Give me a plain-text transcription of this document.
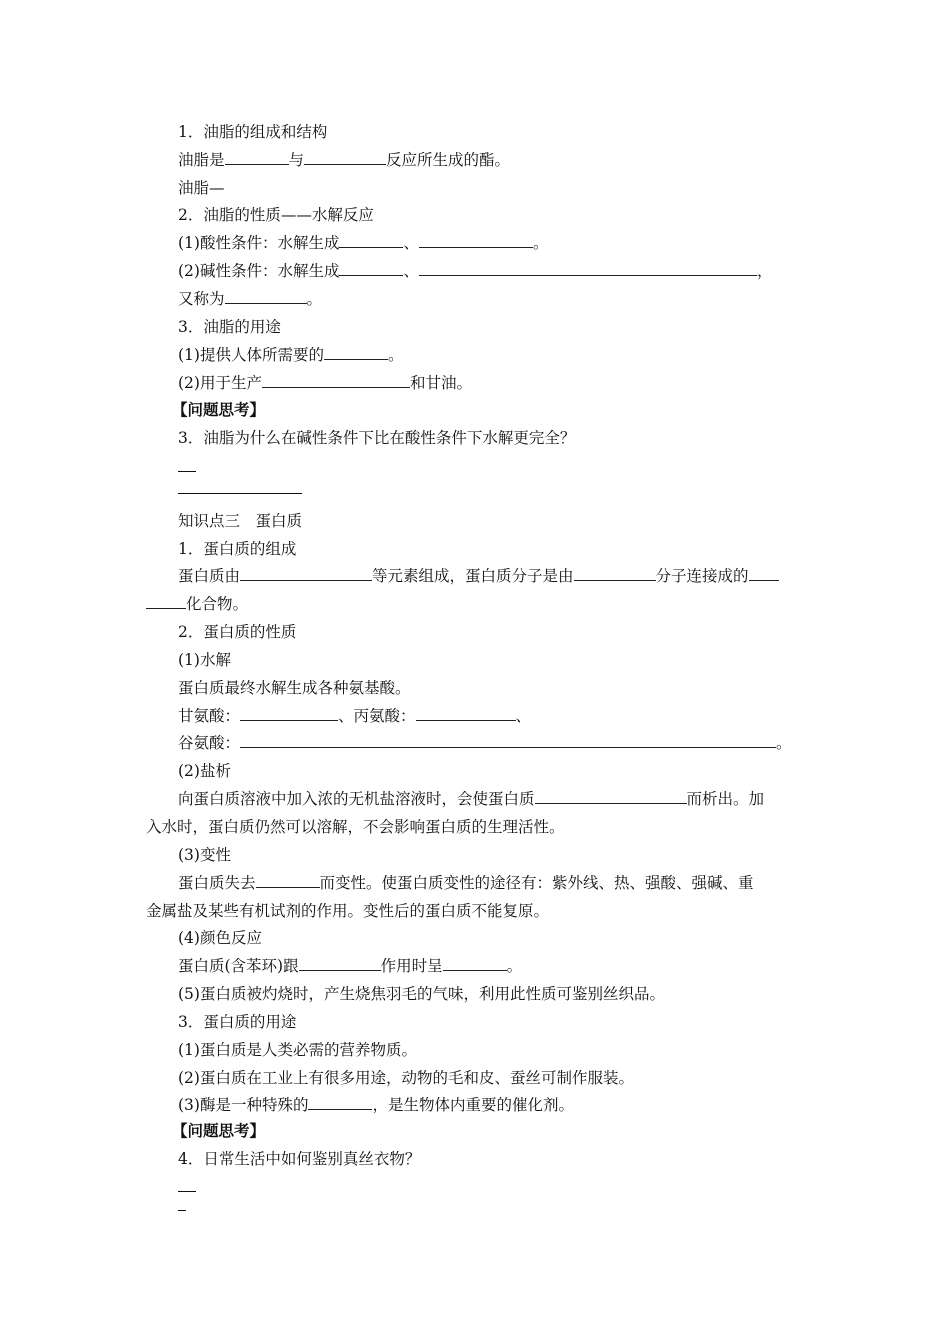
1．油脂的组成和结构
油脂是	与	反应所生成的酯。
油脂—
2．油脂的性质——水解反应
(1)酸性条件：水解生成	、	。
(2)碱性条件：水解生成	、	，
又称为	。
3．油脂的用途
(1)提供人体所需要的	。
(2)用于生产	和甘油。
【问题思考】
3．油脂为什么在碱性条件下比在酸性条件下水解更完全？
知识点三　蛋白质
1．蛋白质的组成
蛋白质由	等元素组成，蛋白质分子是由	分子连接成的
化合物。
2．蛋白质的性质
(1)水解
蛋白质最终水解生成各种氨基酸。
甘氨酸：	、丙氨酸：	、
谷氨酸：	。
(2)盐析
向蛋白质溶液中加入浓的无机盐溶液时，会使蛋白质	而析出。加
入水时，蛋白质仍然可以溶解，不会影响蛋白质的生理活性。
(3)变性
蛋白质失去	而变性。使蛋白质变性的途径有：紫外线、热、强酸、强碱、重
金属盐及某些有机试剂的作用。变性后的蛋白质不能复原。
(4)颜色反应
蛋白质(含苯环)跟	作用时呈	。
(5)蛋白质被灼烧时，产生烧焦羽毛的气味，利用此性质可鉴别丝织品。
3．蛋白质的用途
(1)蛋白质是人类必需的营养物质。
(2)蛋白质在工业上有很多用途，动物的毛和皮、蚕丝可制作服装。
(3)酶是一种特殊的	，是生物体内重要的催化剂。
【问题思考】
4．日常生活中如何鉴别真丝衣物？
